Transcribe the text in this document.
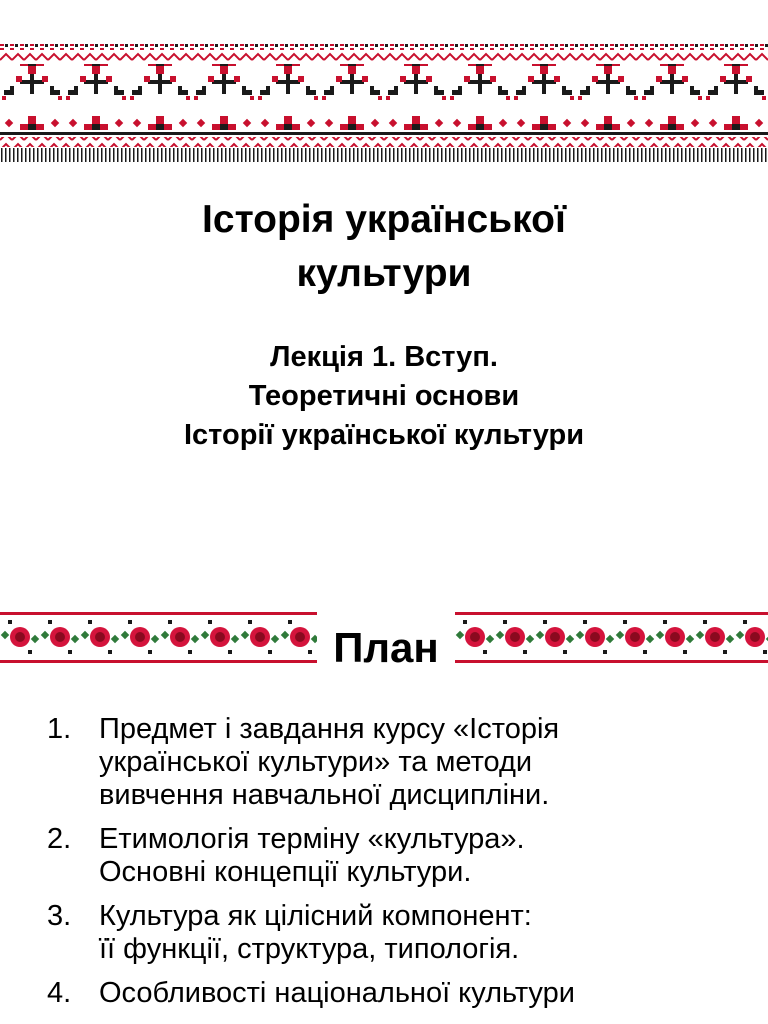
Історія української
культури
Лекція 1. Вступ.
Теоретичні основи
Історії української культури
План
1. Предмет і завдання курсу «Історія
української культури» та методи
вивчення навчальної дисципліни.
2. Етимологія терміну «культура».
Основні концепції культури.
3. Культура як цілісний компонент:
її функції, структура, типологія.
4. Особливості національної культури
